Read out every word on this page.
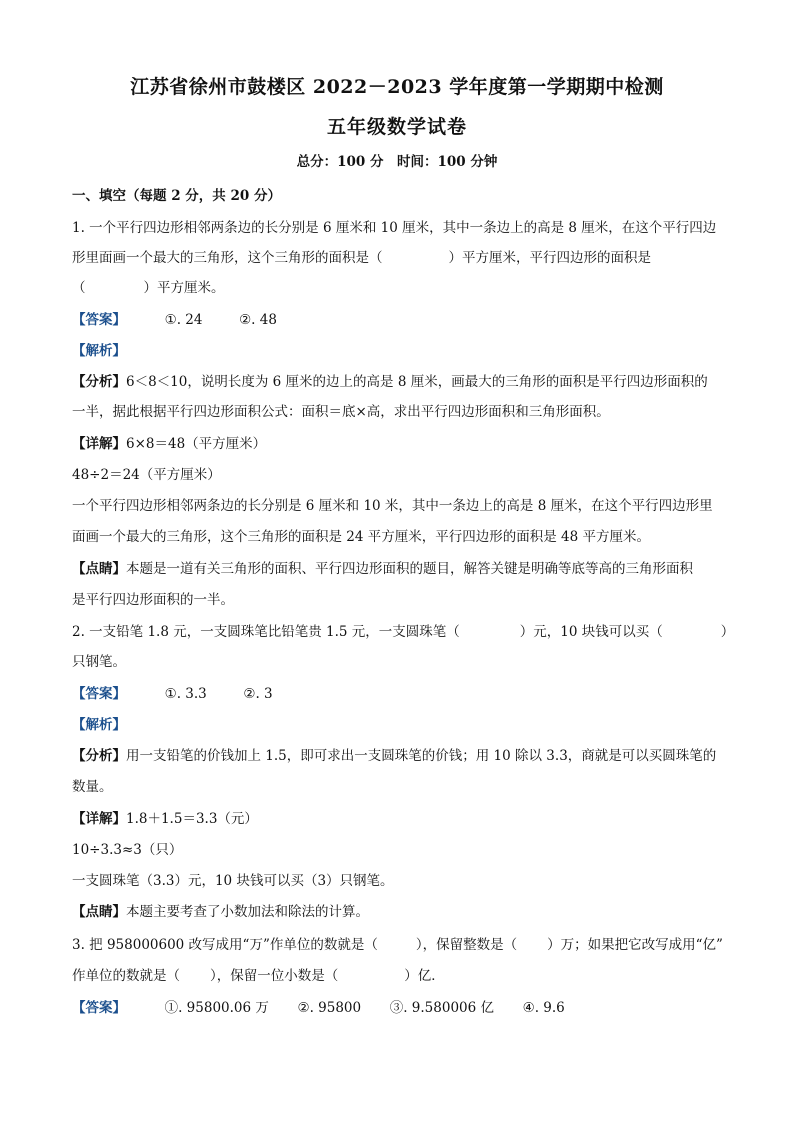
江苏省徐州市鼓楼区 2022－2023 学年度第一学期期中检测
五年级数学试卷
总分：100 分　时间：100 分钟
一、填空（每题 2 分，共 20 分）
1. 一个平行四边形相邻两条边的长分别是 6 厘米和 10 厘米，其中一条边上的高是 8 厘米，在这个平行四边
形里面画一个最大的三角形，这个三角形的面积是（	）平方厘米，平行四边形的面积是
（	）平方厘米。
【答案】	①. 24	②. 48
【解析】
【分析】6＜8＜10，说明长度为 6 厘米的边上的高是 8 厘米，画最大的三角形的面积是平行四边形面积的
一半，据此根据平行四边形面积公式：面积＝底×高，求出平行四边形面积和三角形面积。
【详解】6×8＝48（平方厘米）
48÷2＝24（平方厘米）
一个平行四边形相邻两条边的长分别是 6 厘米和 10 米，其中一条边上的高是 8 厘米，在这个平行四边形里
面画一个最大的三角形，这个三角形的面积是 24 平方厘米，平行四边形的面积是 48 平方厘米。
【点睛】本题是一道有关三角形的面积、平行四边形面积的题目，解答关键是明确等底等高的三角形面积
是平行四边形面积的一半。
2. 一支铅笔 1.8 元，一支圆珠笔比铅笔贵 1.5 元，一支圆珠笔（	）元，10 块钱可以买（	）
只钢笔。
【答案】	①. 3.3	②. 3
【解析】
【分析】用一支铅笔的价钱加上 1.5，即可求出一支圆珠笔的价钱；用 10 除以 3.3，商就是可以买圆珠笔的
数量。
【详解】1.8＋1.5＝3.3（元）
10÷3.3≈3（只）
一支圆珠笔（3.3）元，10 块钱可以买（3）只钢笔。
【点睛】本题主要考查了小数加法和除法的计算。
3. 把 958000600 改写成用“万”作单位的数就是（	），保留整数是（ ）万；如果把它改写成用“亿”
作单位的数就是（ ），保留一位小数是（	）亿．
【答案】	①. 95800.06 万 ②. 95800 ③. 9.580006 亿 ④. 9.6
